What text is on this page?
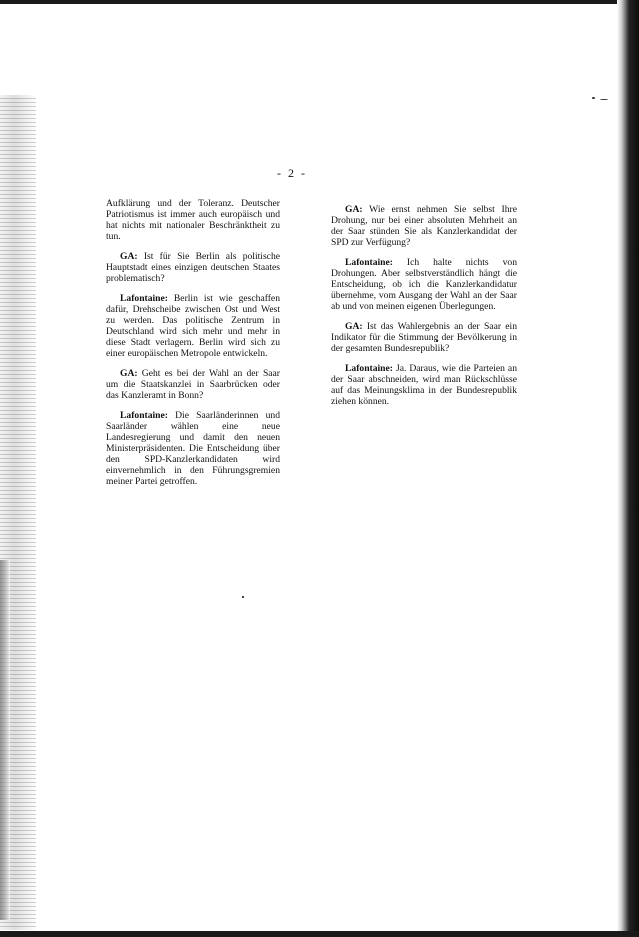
- 2 -

Aufklärung und der Toleranz. Deutscher Patriotismus ist immer auch europäisch und hat nichts mit nationaler Beschränktheit zu tun.

GA: Ist für Sie Berlin als politische Hauptstadt eines einzigen deutschen Staates problematisch?

Lafontaine: Berlin ist wie geschaffen dafür, Drehscheibe zwischen Ost und West zu werden. Das politische Zentrum in Deutschland wird sich mehr und mehr in diese Stadt verlagern. Berlin wird sich zu einer europäischen Metropole entwickeln.

GA: Geht es bei der Wahl an der Saar um die Staatskanzlei in Saarbrücken oder das Kanzleramt in Bonn?

Lafontaine: Die Saarländerinnen und Saarländer wählen eine neue Landesregierung und damit den neuen Ministerpräsidenten. Die Entscheidung über den SPD-Kanzlerkandidaten wird einvernehmlich in den Führungsgremien meiner Partei getroffen.

GA: Wie ernst nehmen Sie selbst Ihre Drohung, nur bei einer absoluten Mehrheit an der Saar stünden Sie als Kanzlerkandidat der SPD zur Verfügung?

Lafontaine: Ich halte nichts von Drohungen. Aber selbstverständlich hängt die Entscheidung, ob ich die Kanzlerkandidatur übernehme, vom Ausgang der Wahl an der Saar ab und von meinen eigenen Überlegungen.

GA: Ist das Wahlergebnis an der Saar ein Indikator für die Stimmung der Bevölkerung in der gesamten Bundesrepublik?

Lafontaine: Ja. Daraus, wie die Parteien an der Saar abschneiden, wird man Rückschlüsse auf das Meinungsklima in der Bundesrepublik ziehen können.
